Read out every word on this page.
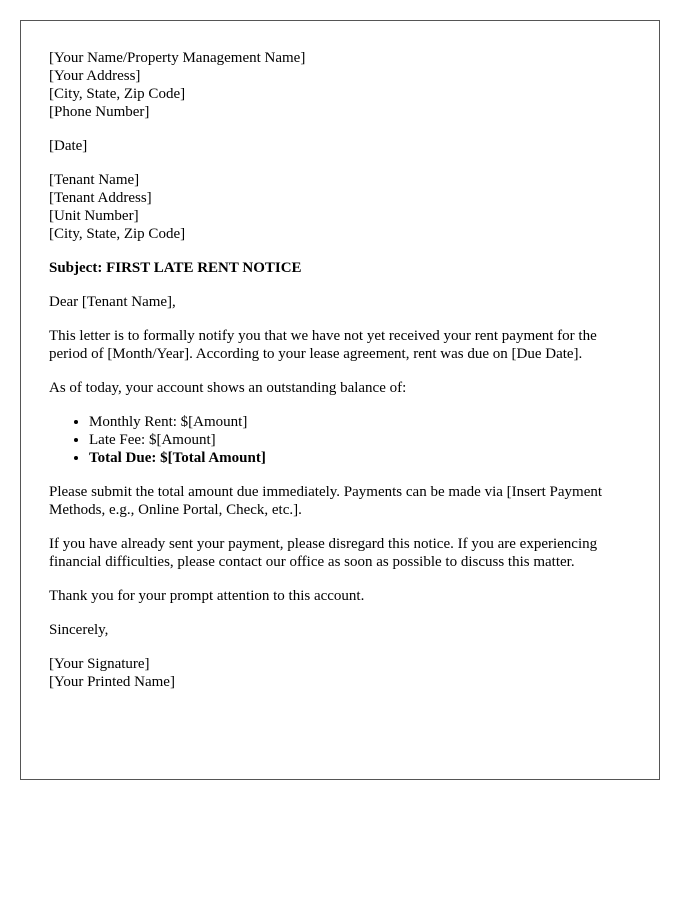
[Your Name/Property Management Name]
[Your Address]
[City, State, Zip Code]
[Phone Number]
[Date]
[Tenant Name]
[Tenant Address]
[Unit Number]
[City, State, Zip Code]

Subject: FIRST LATE RENT NOTICE

Dear [Tenant Name],

This letter is to formally notify you that we have not yet received your rent payment for the period of [Month/Year]. According to your lease agreement, rent was due on [Due Date].

As of today, your account shows an outstanding balance of:

• Monthly Rent: $[Amount]
• Late Fee: $[Amount]
• Total Due: $[Total Amount]

Please submit the total amount due immediately. Payments can be made via [Insert Payment Methods, e.g., Online Portal, Check, etc.].

If you have already sent your payment, please disregard this notice. If you are experiencing financial difficulties, please contact our office as soon as possible to discuss this matter.

Thank you for your prompt attention to this account.

Sincerely,

[Your Signature]
[Your Printed Name]
